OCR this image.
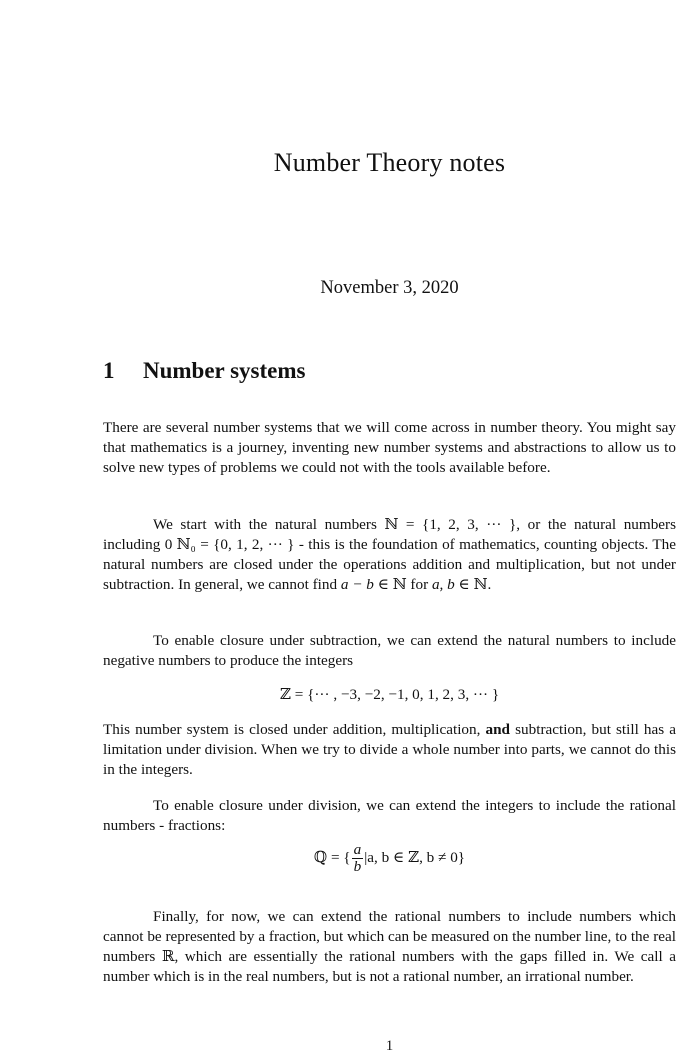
Number Theory notes
November 3, 2020
1 Number systems

There are several number systems that we will come across in number theory. You might say that mathematics is a journey, inventing new number systems and abstractions to allow us to solve new types of problems we could not with the tools available before.

We start with the natural numbers ℕ = {1, 2, 3, ··· }, or the natural numbers including 0 ℕ₀ = {0, 1, 2, ··· } - this is the foundation of mathematics, counting objects. The natural numbers are closed under the operations addition and multiplication, but not under subtraction. In general, we cannot find a − b ∈ ℕ for a, b ∈ ℕ.

To enable closure under subtraction, we can extend the natural numbers to include negative numbers to produce the integers

ℤ = {··· , −3, −2, −1, 0, 1, 2, 3, ··· }

This number system is closed under addition, multiplication, and subtraction, but still has a limitation under division. When we try to divide a whole number into parts, we cannot do this in the integers.

To enable closure under division, we can extend the integers to include the rational numbers - fractions:

ℚ = { $\frac{a}{b} |a$, b ∈ ℤ, b ≠ 0}

Finally, for now, we can extend the rational numbers to include numbers which cannot be represented by a fraction, but which can be measured on the number line, to the real numbers ℝ, which are essentially the rational numbers with the gaps filled in. We call a number which is in the real numbers, but is not a rational number, an irrational number.

1
